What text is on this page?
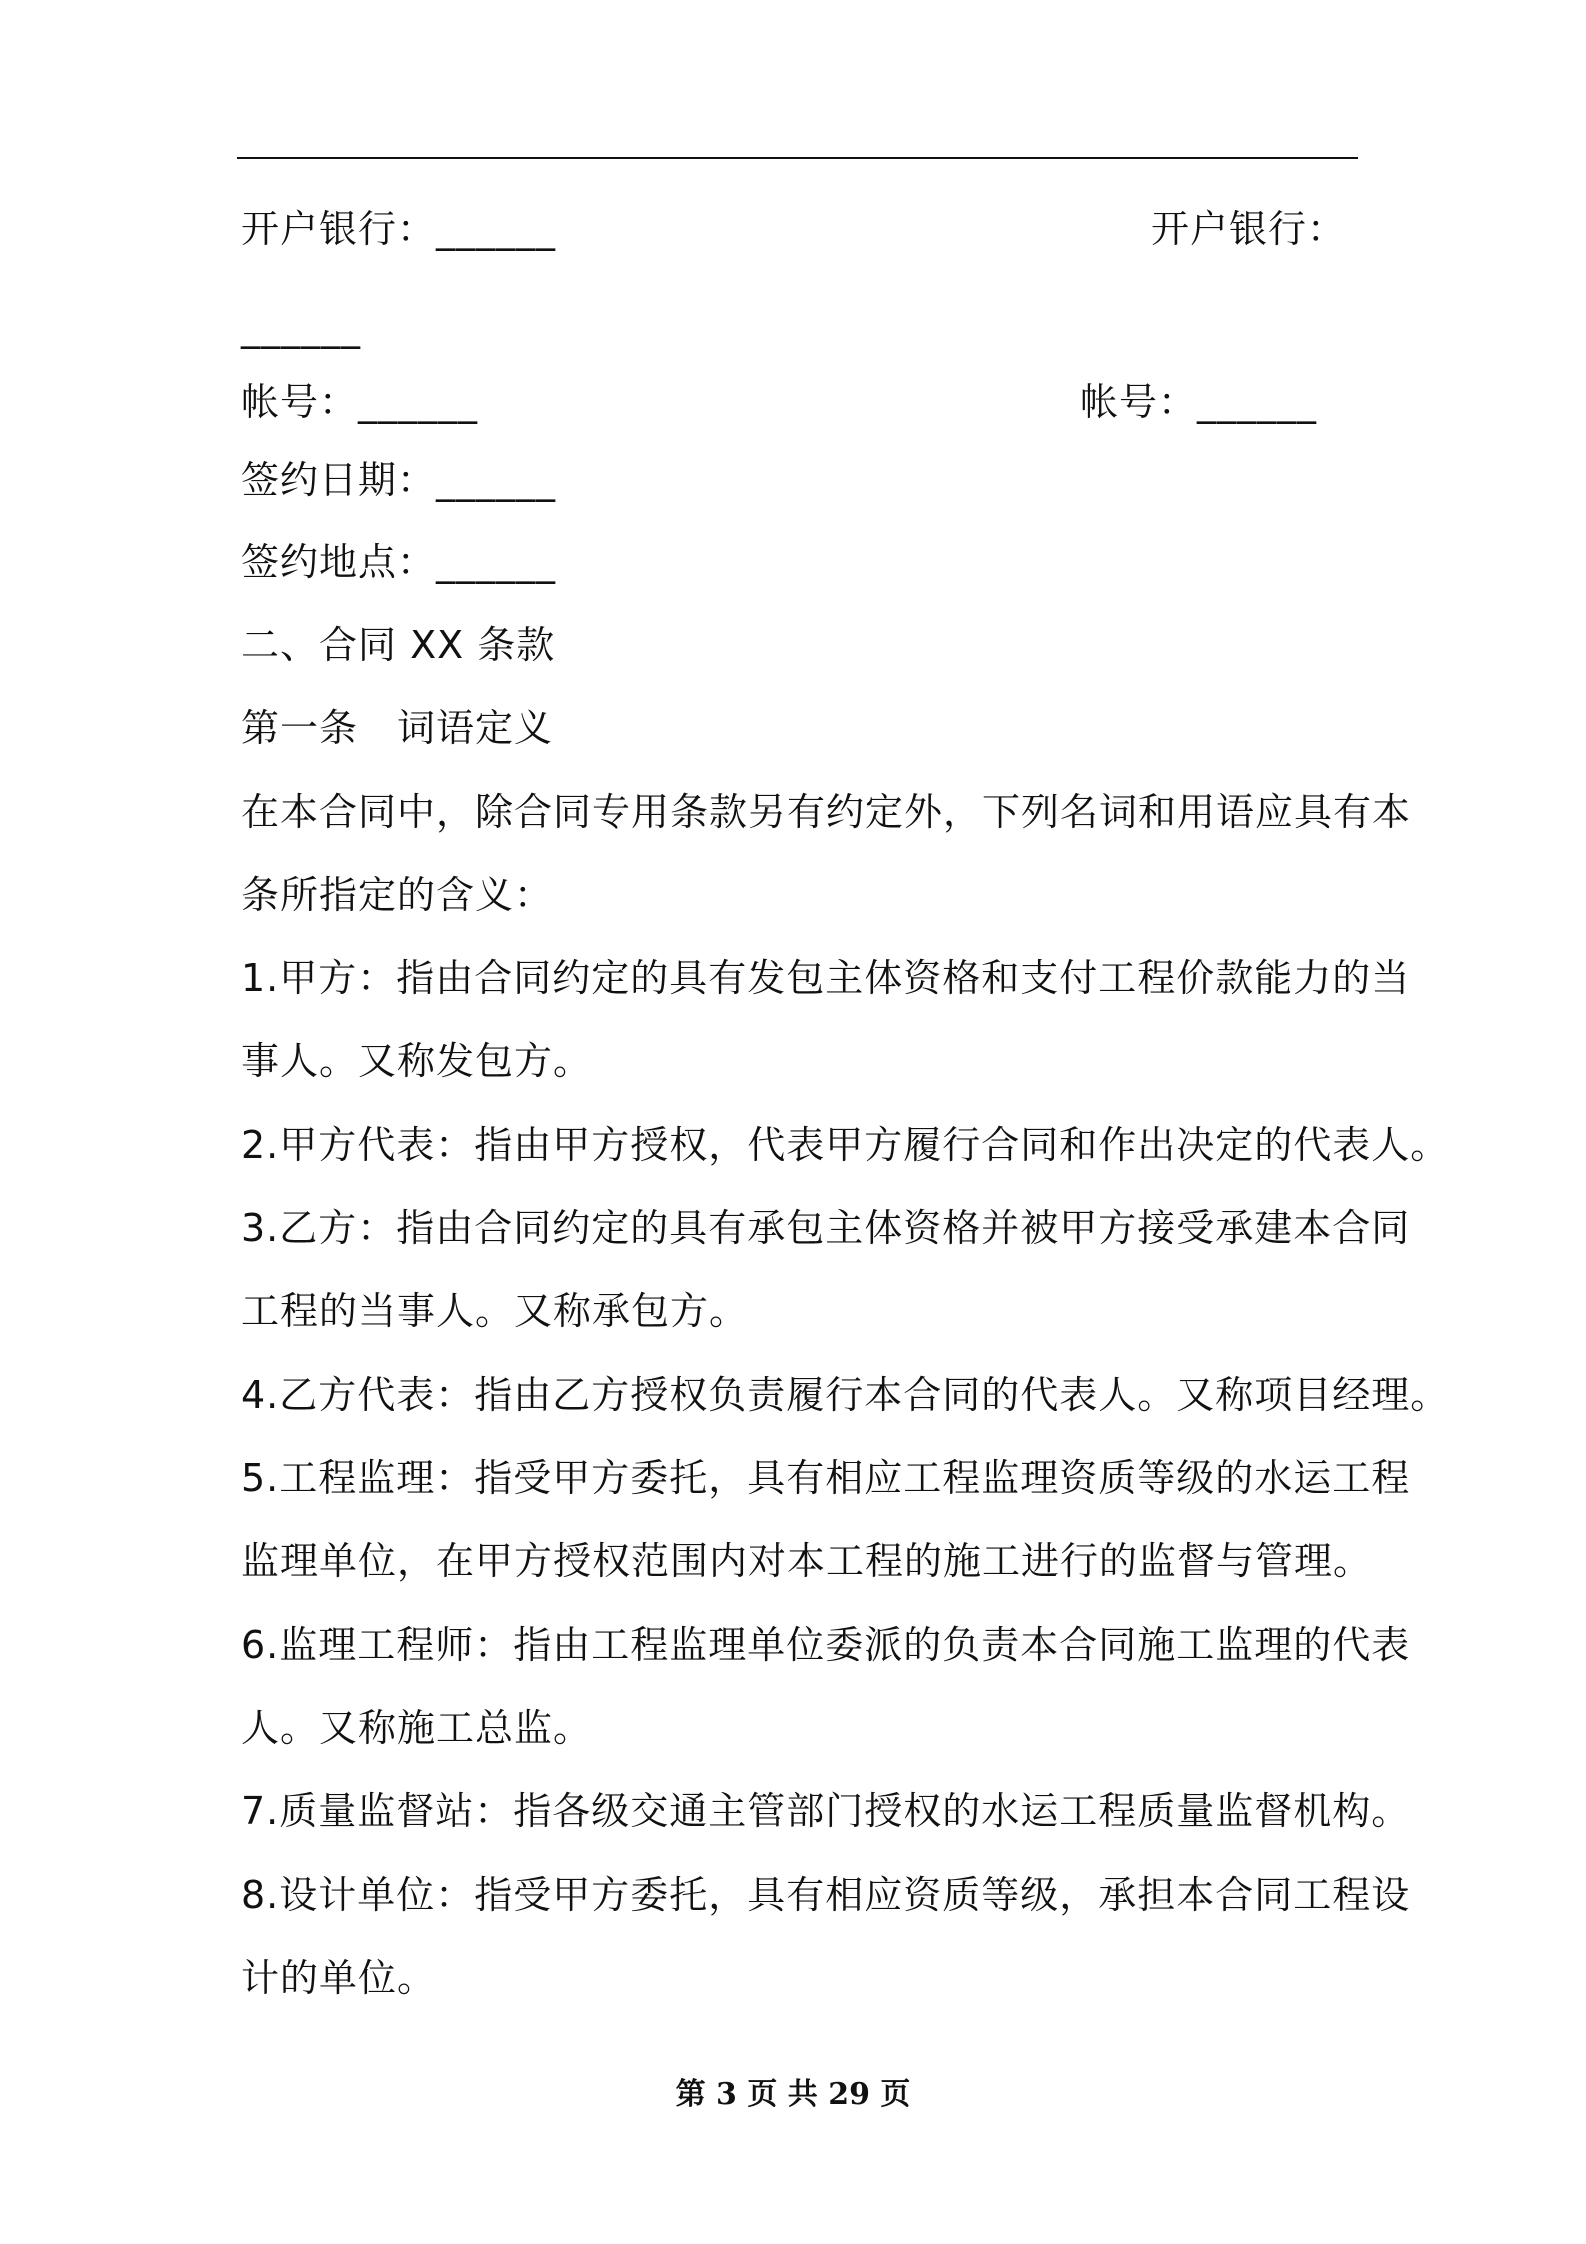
开户银行：______	开户银行：
______
帐号：______	帐号：______
签约日期：______
签约地点：______
二、合同 XX 条款
第一条　词语定义
在本合同中，除合同专用条款另有约定外，下列名词和用语应具有本
条所指定的含义：
1.甲方：指由合同约定的具有发包主体资格和支付工程价款能力的当
事人。又称发包方。
2.甲方代表：指由甲方授权，代表甲方履行合同和作出决定的代表人。
3.乙方：指由合同约定的具有承包主体资格并被甲方接受承建本合同
工程的当事人。又称承包方。
4.乙方代表：指由乙方授权负责履行本合同的代表人。又称项目经理。
5.工程监理：指受甲方委托，具有相应工程监理资质等级的水运工程
监理单位，在甲方授权范围内对本工程的施工进行的监督与管理。
6.监理工程师：指由工程监理单位委派的负责本合同施工监理的代表
人。又称施工总监。
7.质量监督站：指各级交通主管部门授权的水运工程质量监督机构。
8.设计单位：指受甲方委托，具有相应资质等级，承担本合同工程设
计的单位。
第 3 页 共 29 页
